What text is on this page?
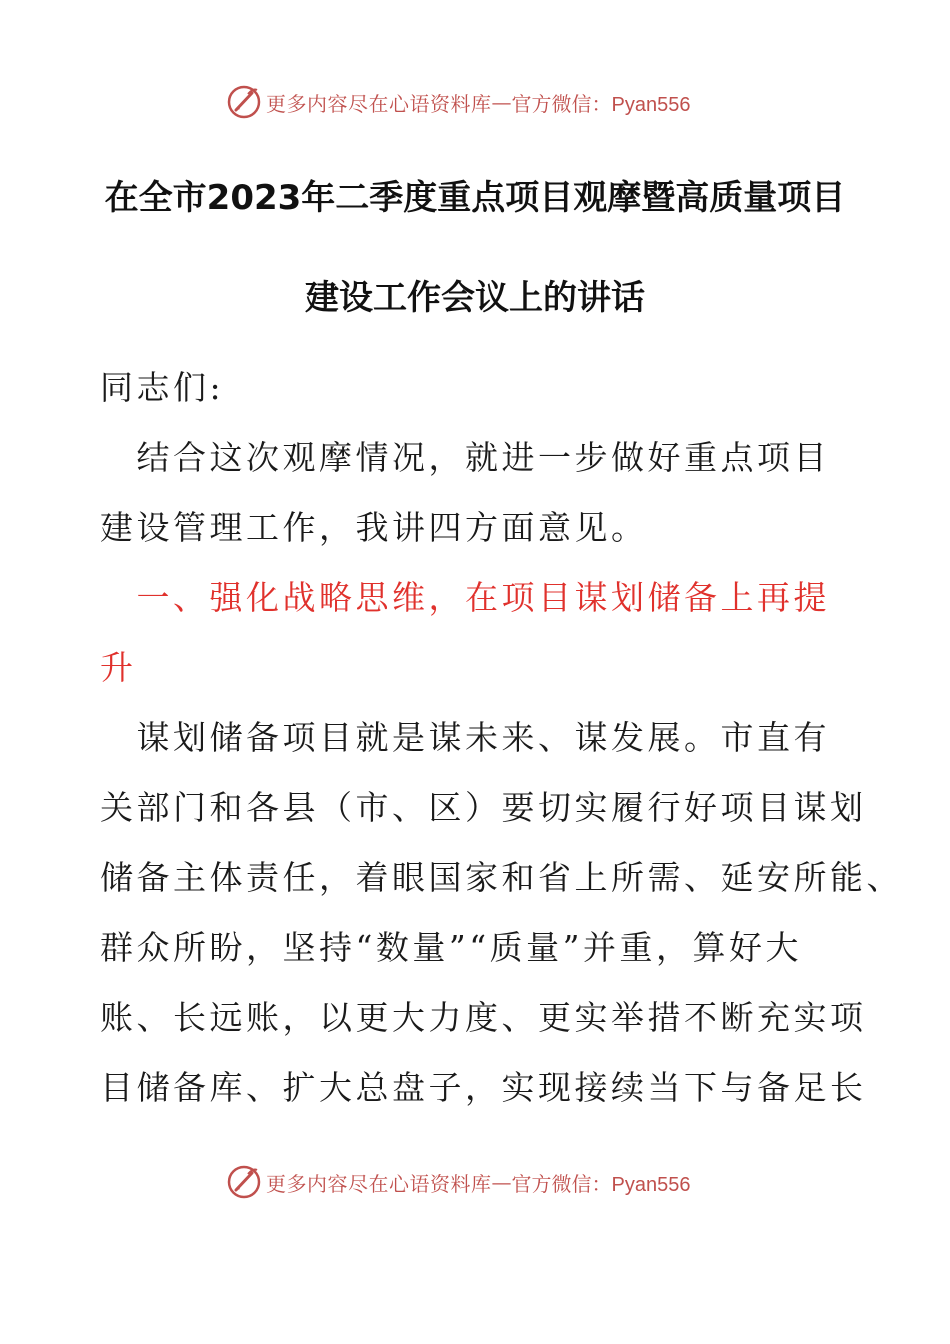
更多内容尽在心语资料库 — 官方微信：Pyan556
在全市2023年二季度重点项目观摩暨高质量项目
建设工作会议上的讲话
同志们:
　结合这次观摩情况，就进一步做好重点项目
建设管理工作，我讲四方面意见。
　一、强化战略思维，在项目谋划储备上再提
升
　谋划储备项目就是谋未来、谋发展。市直有
关部门和各县（市、区）要切实履行好项目谋划
储备主体责任，着眼国家和省上所需、延安所能、
群众所盼，坚持“数量”“质量”并重，算好大
账、长远账，以更大力度、更实举措不断充实项
目储备库、扩大总盘子，实现接续当下与备足长
更多内容尽在心语资料库 — 官方微信：Pyan556
